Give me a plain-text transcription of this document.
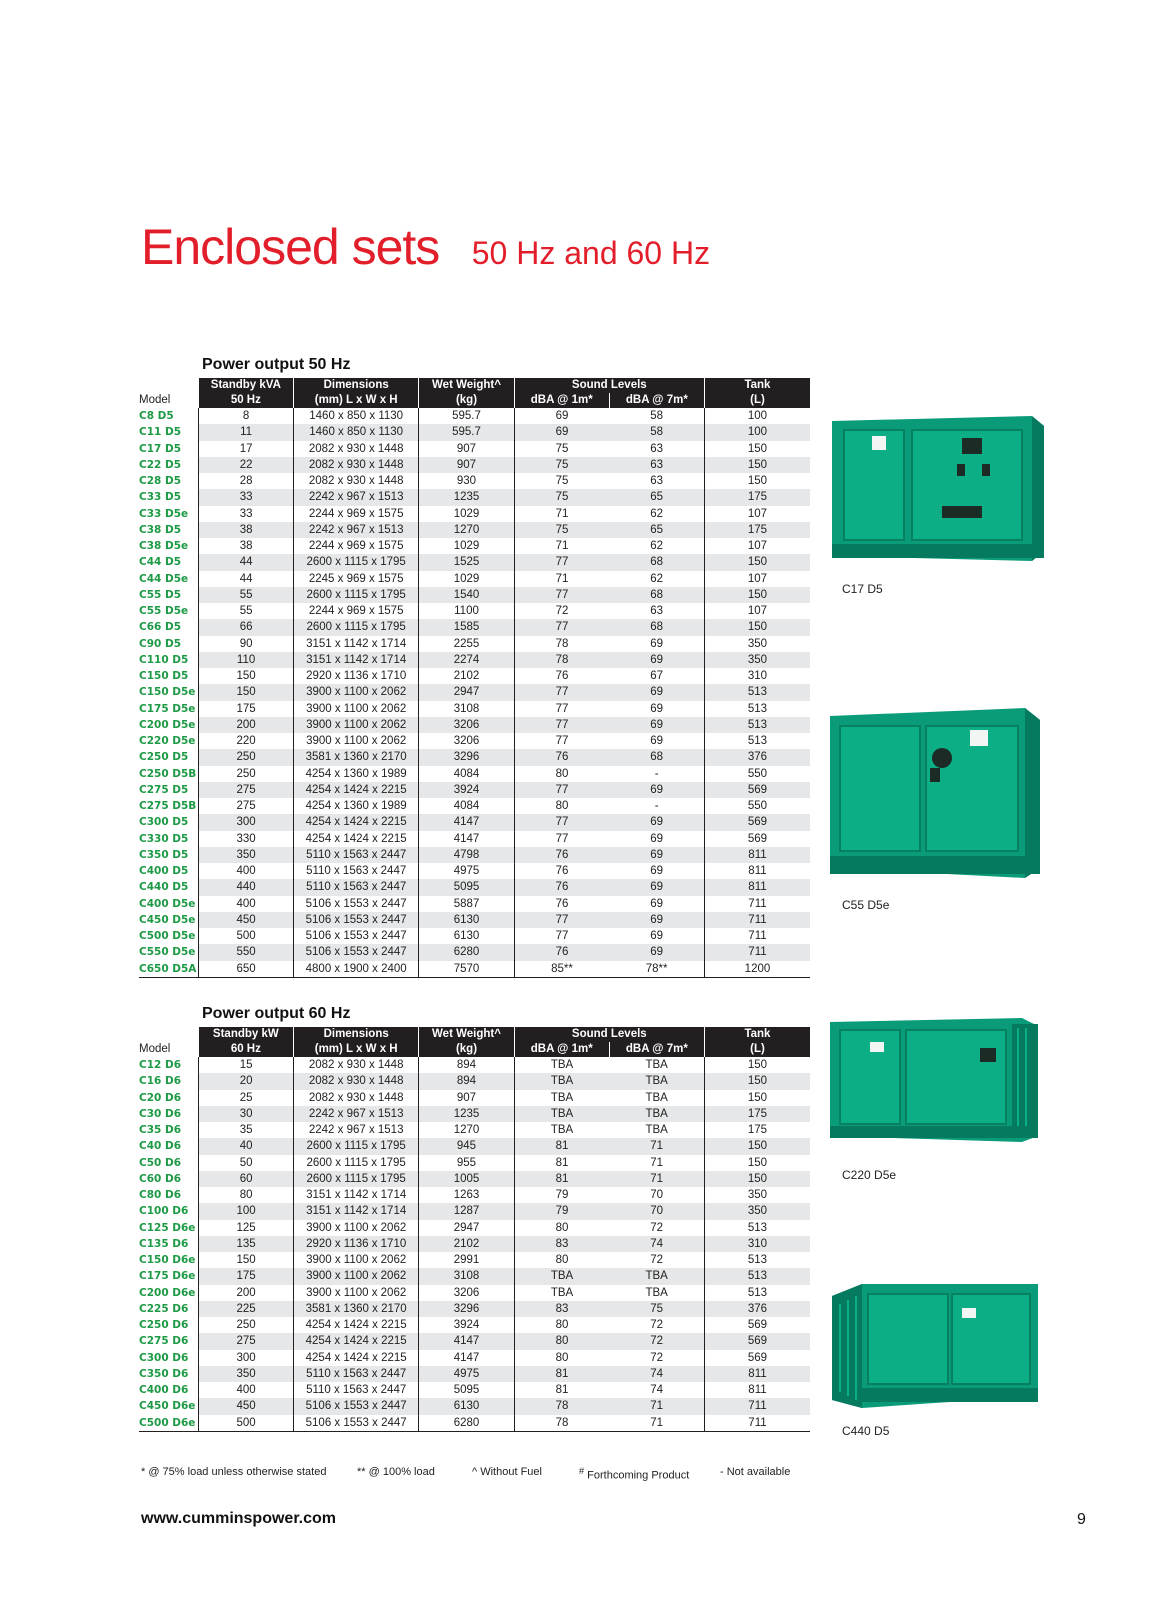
Enclosed sets 50 Hz and 60 Hz
Power output 50 Hz
	Standby kVA	Dimensions	Wet Weight^	Sound Levels		Tank
Model	50 Hz	(mm) L x W x H	(kg)	dBA @ 1m*	dBA @ 7m*	(L)
C8 D5	8	1460 x 850 x 1130	595.7	69	58	100
C11 D5	11	1460 x 850 x 1130	595.7	69	58	100
C17 D5	17	2082 x 930 x 1448	907	75	63	150
C22 D5	22	2082 x 930 x 1448	907	75	63	150
C28 D5	28	2082 x 930 x 1448	930	75	63	150
C33 D5	33	2242 x 967 x 1513	1235	75	65	175
C33 D5e	33	2244 x 969 x 1575	1029	71	62	107
C38 D5	38	2242 x 967 x 1513	1270	75	65	175
C38 D5e	38	2244 x 969 x 1575	1029	71	62	107
C44 D5	44	2600 x 1115 x 1795	1525	77	68	150
C44 D5e	44	2245 x 969 x 1575	1029	71	62	107
C55 D5	55	2600 x 1115 x 1795	1540	77	68	150
C55 D5e	55	2244 x 969 x 1575	1100	72	63	107
C66 D5	66	2600 x 1115 x 1795	1585	77	68	150
C90 D5	90	3151 x 1142 x 1714	2255	78	69	350
C110 D5	110	3151 x 1142 x 1714	2274	78	69	350
C150 D5	150	2920 x 1136 x 1710	2102	76	67	310
C150 D5e	150	3900 x 1100 x 2062	2947	77	69	513
C175 D5e	175	3900 x 1100 x 2062	3108	77	69	513
C200 D5e	200	3900 x 1100 x 2062	3206	77	69	513
C220 D5e	220	3900 x 1100 x 2062	3206	77	69	513
C250 D5	250	3581 x 1360 x 2170	3296	76	68	376
C250 D5B	250	4254 x 1360 x 1989	4084	80	-	550
C275 D5	275	4254 x 1424 x 2215	3924	77	69	569
C275 D5B	275	4254 x 1360 x 1989	4084	80	-	550
C300 D5	300	4254 x 1424 x 2215	4147	77	69	569
C330 D5	330	4254 x 1424 x 2215	4147	77	69	569
C350 D5	350	5110 x 1563 x 2447	4798	76	69	811
C400 D5	400	5110 x 1563 x 2447	4975	76	69	811
C440 D5	440	5110 x 1563 x 2447	5095	76	69	811
C400 D5e	400	5106 x 1553 x 2447	5887	76	69	711
C450 D5e	450	5106 x 1553 x 2447	6130	77	69	711
C500 D5e	500	5106 x 1553 x 2447	6130	77	69	711
C550 D5e	550	5106 x 1553 x 2447	6280	76	69	711
C650 D5A	650	4800 x 1900 x 2400	7570	85**	78**	1200
Power output 60 Hz
	Standby kW	Dimensions	Wet Weight^	Sound Levels		Tank
Model	60 Hz	(mm) L x W x H	(kg)	dBA @ 1m*	dBA @ 7m*	(L)
C12 D6	15	2082 x 930 x 1448	894	TBA	TBA	150
C16 D6	20	2082 x 930 x 1448	894	TBA	TBA	150
C20 D6	25	2082 x 930 x 1448	907	TBA	TBA	150
C30 D6	30	2242 x 967 x 1513	1235	TBA	TBA	175
C35 D6	35	2242 x 967 x 1513	1270	TBA	TBA	175
C40 D6	40	2600 x 1115 x 1795	945	81	71	150
C50 D6	50	2600 x 1115 x 1795	955	81	71	150
C60 D6	60	2600 x 1115 x 1795	1005	81	71	150
C80 D6	80	3151 x 1142 x 1714	1263	79	70	350
C100 D6	100	3151 x 1142 x 1714	1287	79	70	350
C125 D6e	125	3900 x 1100 x 2062	2947	80	72	513
C135 D6	135	2920 x 1136 x 1710	2102	83	74	310
C150 D6e	150	3900 x 1100 x 2062	2991	80	72	513
C175 D6e	175	3900 x 1100 x 2062	3108	TBA	TBA	513
C200 D6e	200	3900 x 1100 x 2062	3206	TBA	TBA	513
C225 D6	225	3581 x 1360 x 2170	3296	83	75	376
C250 D6	250	4254 x 1424 x 2215	3924	80	72	569
C275 D6	275	4254 x 1424 x 2215	4147	80	72	569
C300 D6	300	4254 x 1424 x 2215	4147	80	72	569
C350 D6	350	5110 x 1563 x 2447	4975	81	74	811
C400 D6	400	5110 x 1563 x 2447	5095	81	74	811
C450 D6e	450	5106 x 1553 x 2447	6130	78	71	711
C500 D6e	500	5106 x 1553 x 2447	6280	78	71	711
C17 D5
C55 D5e
C220 D5e
C440 D5
* @ 75% load unless otherwise stated	** @ 100% load	^ Without Fuel	# Forthcoming Product	- Not available
www.cumminspower.com	9
